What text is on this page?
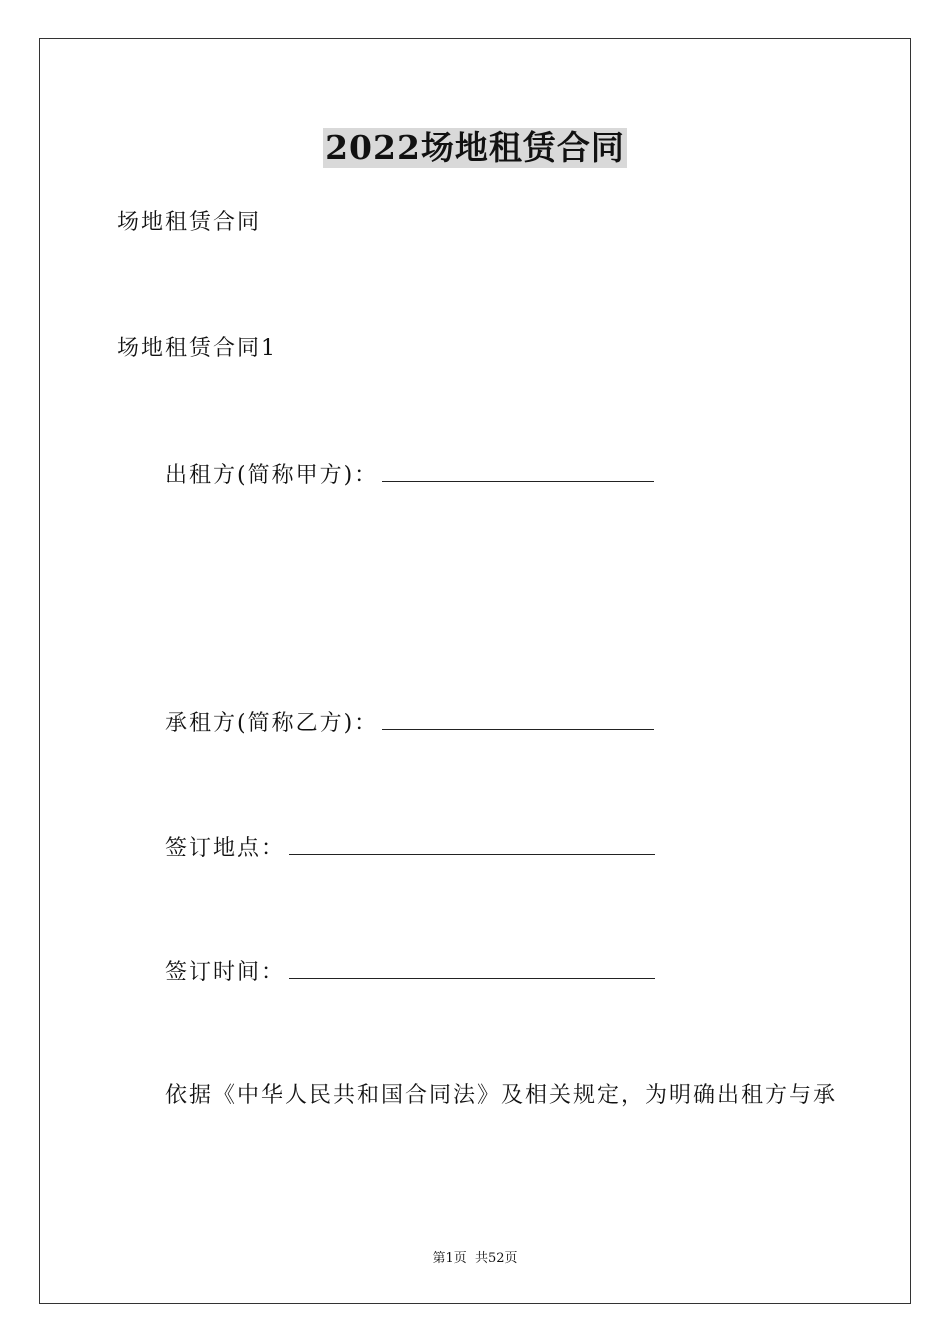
2022场地租赁合同
场地租赁合同
场地租赁合同1
出租方(简称甲方)：
承租方(简称乙方)：
签订地点：
签订时间：
依据《中华人民共和国合同法》及相关规定，为明确出租方与承
第1页 共52页
